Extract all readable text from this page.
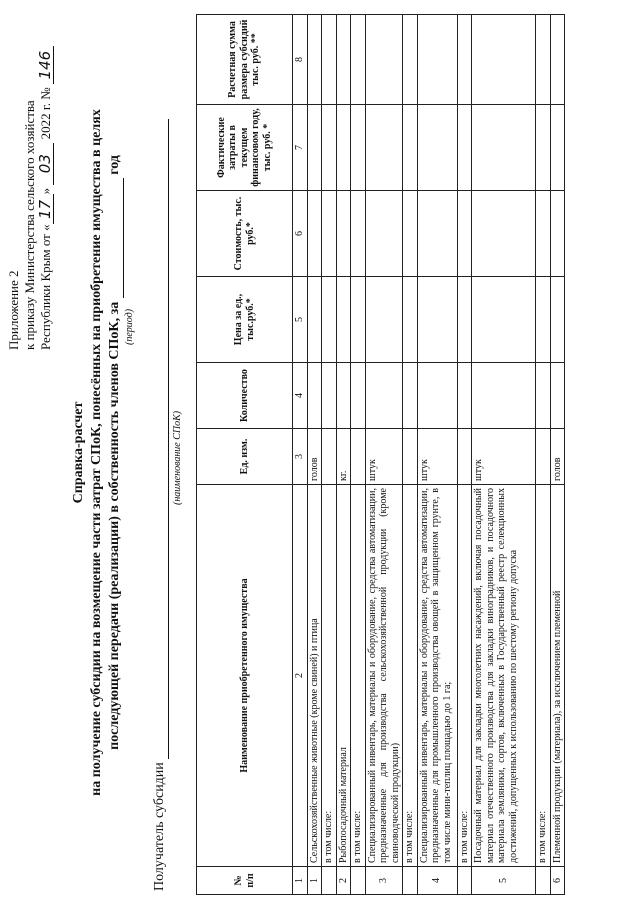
Приложение 2 к приказу Министерства сельского хозяйства Республики Крым от «17» 03 2022 г. № 146
Справка-расчет на получение субсидии на возмещение части затрат СПоК, понесённых на приобретение имущества в целях последующей передачи (реализации) в собственность членов СПоК, за   год
(период)
Получатель субсидии
(наименование СПоК)
№ п/п	Наименование приобретенного имущества	Ед. изм.	Количество	Цена за ед., тыс.руб.*	Стоимость, тыс. руб.*	Фактические затраты в текущем финансовом году, тыс. руб. *	Расчетная сумма размера субсидий тыс. руб. **
1	2	3	4	5	6	7	8
1	Сельскохозяйственные животные (кроме свиней) и птица	голов					
	в том числе:						
2	Рыбопосадочный материал	кг.					
	в том числе:						
3	Специализированный инвентарь, материалы и оборудование, средства автоматизации, предназначенные для производства сельскохозяйственной продукции (кроме свиноводческой продукции)	штук					
	в том числе:						
4	Специализированный инвентарь, материалы и оборудование, средства автоматизации, предназначенные для промышленного производства овощей в защищенном грунте, в том числе мини-теплиц площадью до 1 га;	штук					
	в том числе:						
5	Посадочный материал для закладки многолетних насаждений, включая посадочный материал отечественного производства для закладки виноградников, и посадочного материала земляники, сортов, включенных в Государственный реестр селекционных достижений, допущенных к использованию по шестому региону допуска	штук					
	в том числе:						
6	Племенной продукции (материала), за исключением племенной	голов					
